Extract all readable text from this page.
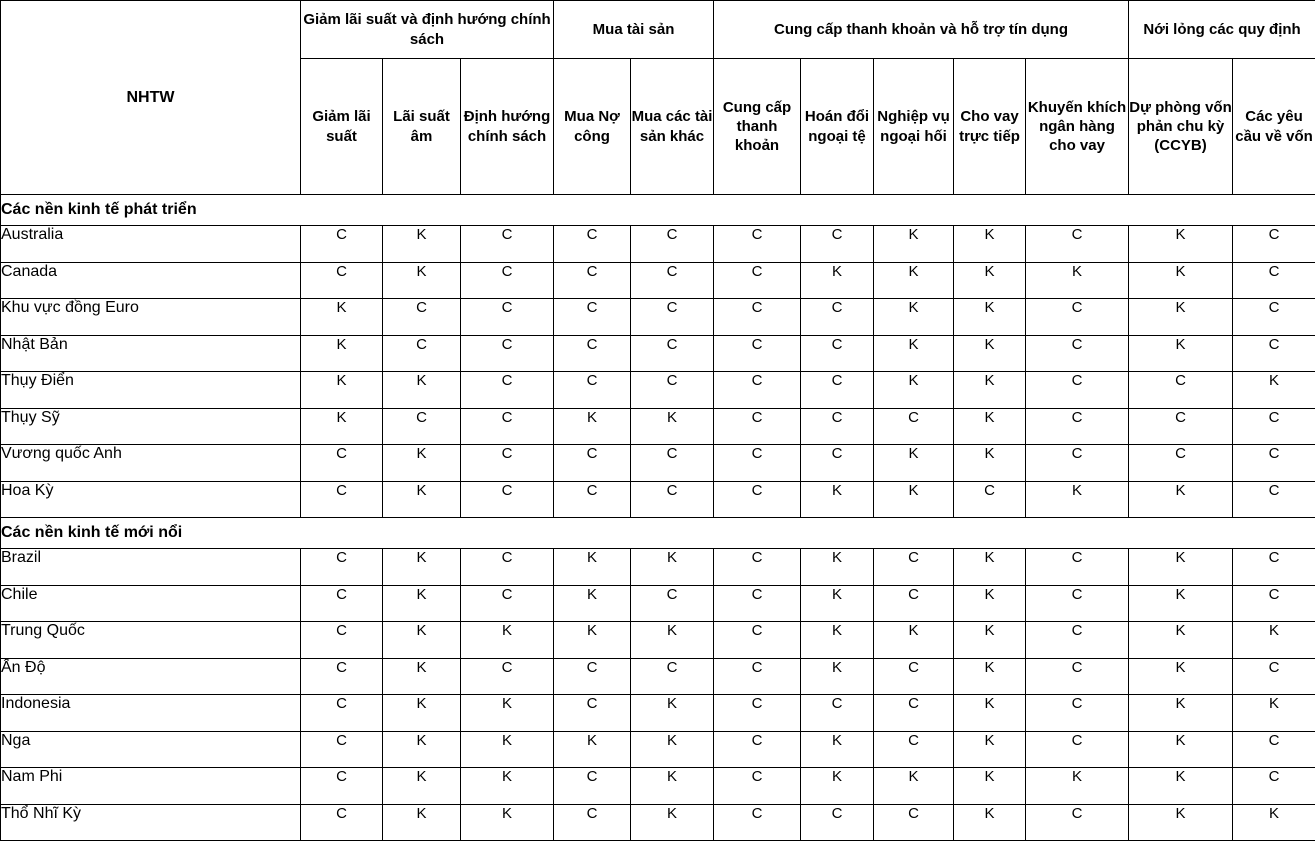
NHTW	Giảm lãi suất và định hướng chính sách			Mua tài sản		Cung cấp thanh khoản và hỗ trợ tín dụng					Nới lỏng các quy định	
	Giảm lãi suất	Lãi suất âm	Định hướng chính sách	Mua Nợ công	Mua các tài sản khác	Cung cấp thanh khoản	Hoán đổi ngoại tệ	Nghiệp vụ ngoại hối	Cho vay trực tiếp	Khuyến khích ngân hàng cho vay	Dự phòng vốn phản chu kỳ (CCYB)	Các yêu cầu về vốn
Các nền kinh tế phát triển												
Australia	C	K	C	C	C	C	C	K	K	C	K	C
Canada	C	K	C	C	C	C	K	K	K	K	K	C
Khu vực đồng Euro	K	C	C	C	C	C	C	K	K	C	K	C
Nhật Bản	K	C	C	C	C	C	C	K	K	C	K	C
Thụy Điển	K	K	C	C	C	C	C	K	K	C	C	K
Thụy Sỹ	K	C	C	K	K	C	C	C	K	C	C	C
Vương quốc Anh	C	K	C	C	C	C	C	K	K	C	C	C
Hoa Kỳ	C	K	C	C	C	C	K	K	C	K	K	C
Các nền kinh tế mới nổi												
Brazil	C	K	C	K	K	C	K	C	K	C	K	C
Chile	C	K	C	K	C	C	K	C	K	C	K	C
Trung Quốc	C	K	K	K	K	C	K	K	K	C	K	K
Ấn Độ	C	K	C	C	C	C	K	C	K	C	K	C
Indonesia	C	K	K	C	K	C	C	C	K	C	K	K
Nga	C	K	K	K	K	C	K	C	K	C	K	C
Nam Phi	C	K	K	C	K	C	K	K	K	K	K	C
Thổ Nhĩ Kỳ	C	K	K	C	K	C	C	C	K	C	K	K
